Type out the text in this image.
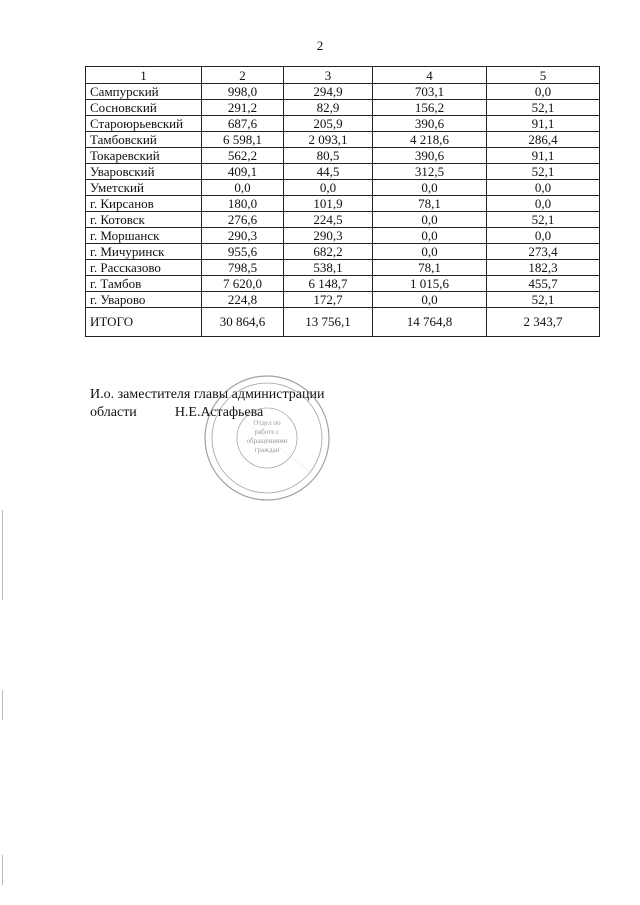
2
1	2	3	4	5
Сампурский	998,0	294,9	703,1	0,0
Сосновский	291,2	82,9	156,2	52,1
Староюрьевский	687,6	205,9	390,6	91,1
Тамбовский	6 598,1	2 093,1	4 218,6	286,4
Токаревский	562,2	80,5	390,6	91,1
Уваровский	409,1	44,5	312,5	52,1
Уметский	0,0	0,0	0,0	0,0
г. Кирсанов	180,0	101,9	78,1	0,0
г. Котовск	276,6	224,5	0,0	52,1
г. Моршанск	290,3	290,3	0,0	0,0
г. Мичуринск	955,6	682,2	0,0	273,4
г. Рассказово	798,5	538,1	78,1	182,3
г. Тамбов	7 620,0	6 148,7	1 015,6	455,7
г. Уварово	224,8	172,7	0,0	52,1
ИТОГО	30 864,6	13 756,1	14 764,8	2 343,7
И.о. заместителя главы администрации
области	Н.Е.Астафьева
Отдел по
работе с
обращениями
граждан
